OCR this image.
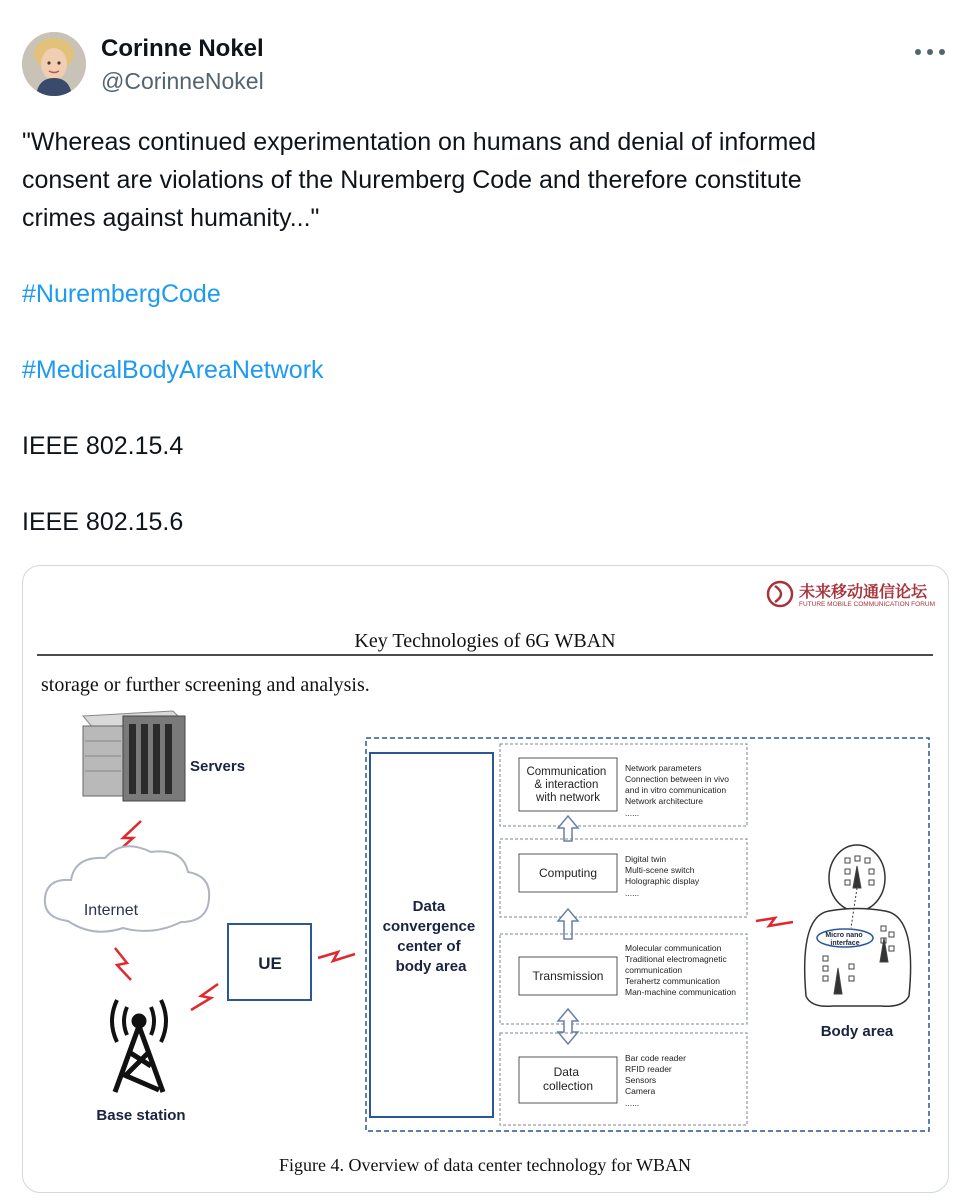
Corinne Nokel
@CorinneNokel

"Whereas continued experimentation on humans and denial of informed

consent are violations of the Nuremberg Code and therefore constitute

crimes against humanity..."

#NurembergCode

#MedicalBodyAreaNetwork

IEEE 802.15.4

IEEE 802.15.6

未来移动通信论坛
FUTURE MOBILE COMMUNICATION FORUM
Key Technologies of 6G WBAN
storage or further screening and analysis.
Servers
Internet
Base station
UE
Data convergence center of body area
Communication & interaction with network
Network parameters Connection between in vivo and in vitro communication Network architecture ......
Computing
Digital twin Multi-scene switch Holographic display ......
Transmission
Molecular communication Traditional electromagnetic communication Terahertz communication Man-machine communication
Data collection
Bar code reader RFID reader Sensors Camera ......
Micro nano interface
Body area
Figure 4. Overview of data center technology for WBAN
